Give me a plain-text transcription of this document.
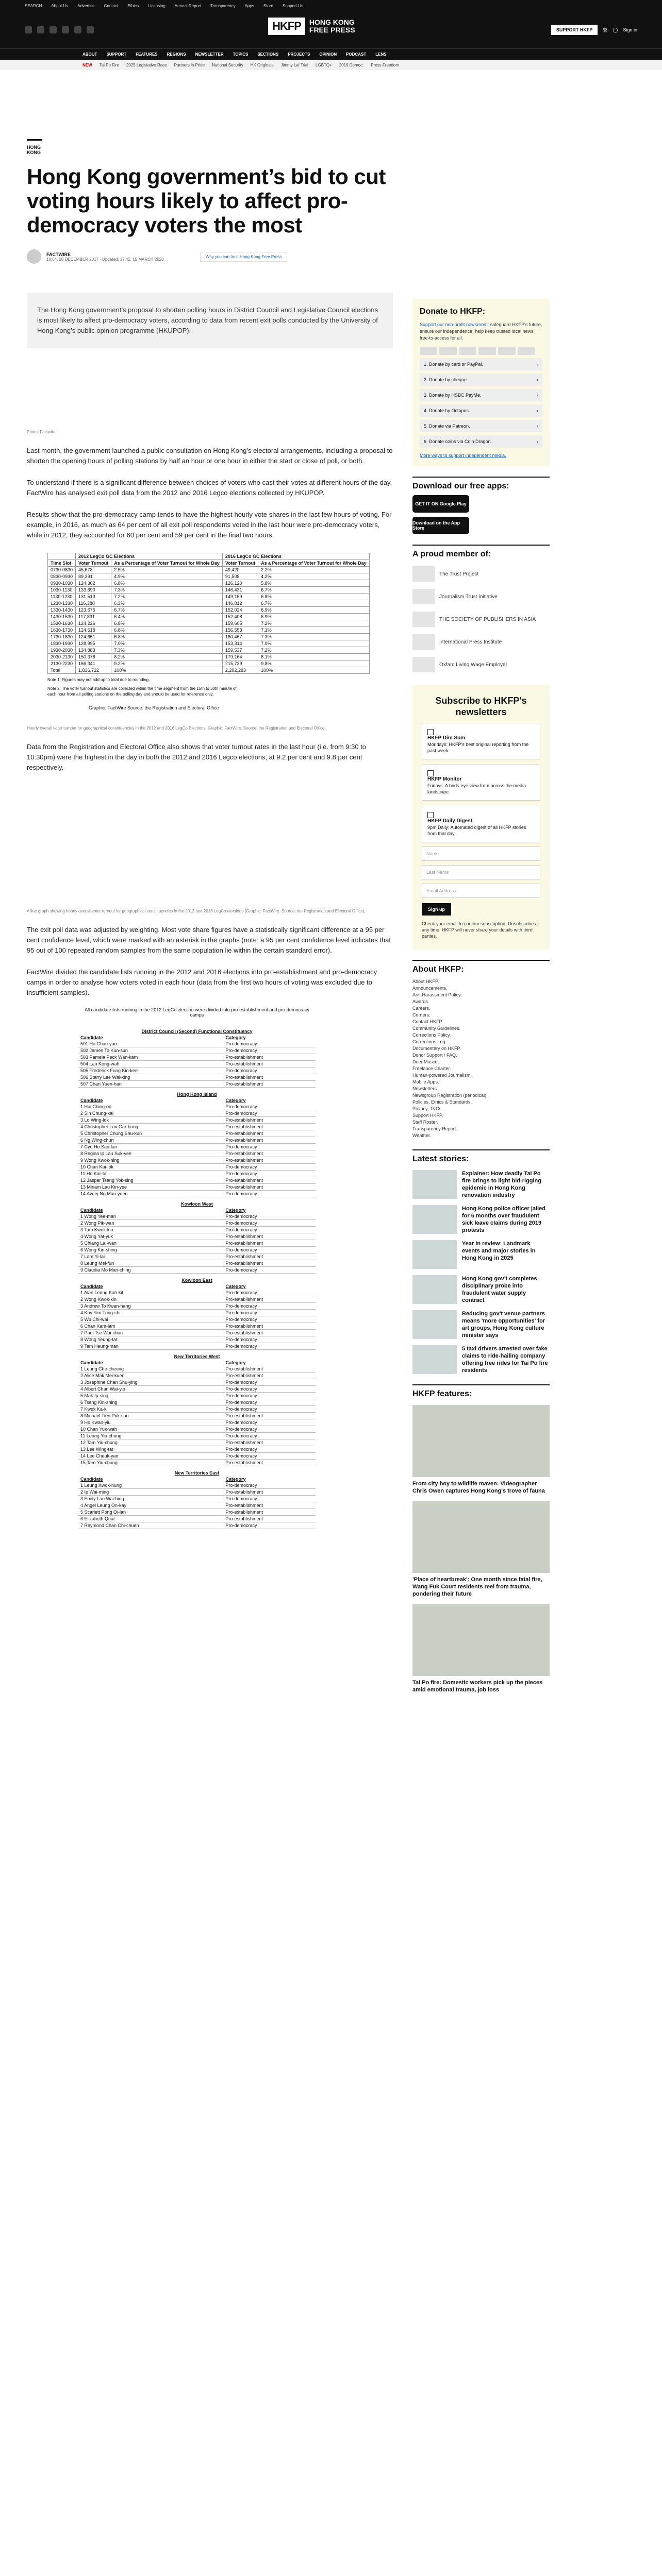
SEARCH About Us Advertise Contact Ethics Licensing Annual Report Transparency Apps Store Support Us
HKFP	HONG KONG
FREE PRESS	SUPPORT HKFP	繁 ◯ Sign in
ABOUT SUPPORT FEATURES REGIONS NEWSLETTER TOPICS SECTIONS PROJECTS OPINION PODCAST LENS
NEW Tai Po Fire 2025 Legislative Race Partners in Pride National Security HK Originals Jimmy Lai Trial LGBTQ+ 2019 Democ. Press Freedom
HONG KONG
Hong Kong government’s bid to cut voting hours likely to affect pro-democracy voters the most
FACTWIRE
10:54, 28 DECEMBER 2017 · Updated: 17:42, 15 MARCH 2020
Why you can trust Hong Kong Free Press
The Hong Kong government’s proposal to shorten polling hours in District Council and Legislative Council elections is most likely to affect pro-democracy voters, according to data from recent exit polls conducted by the University of Hong Kong’s public opinion programme (HKUPOP).
Photo: Factwire.

Last month, the government launched a public consultation on Hong Kong’s electoral arrangements, including a proposal to shorten the opening hours of polling stations by half an hour or one hour in either the start or close of poll, or both.

To understand if there is a significant difference between choices of voters who cast their votes at different hours of the day, FactWire has analysed exit poll data from the 2012 and 2016 Legco elections collected by HKUPOP.

Results show that the pro-democracy camp tends to have the highest hourly vote shares in the last few hours of voting. For example, in 2016, as much as 64 per cent of all exit poll respondents voted in the last hour were pro-democracy voters, while in 2012, they accounted for 60 per cent and 59 per cent in the final two hours.

	2012 LegCo GC Elections		2016 LegCo GC Elections	
Time Slot	Voter Turnout	As a Percentage of Voter Turnout for Whole Day	Voter Turnout	As a Percentage of Voter Turnout for Whole Day
0730-0830	45,678	2.5%	49,420	2.2%
0830-0930	89,391	4.9%	91,508	4.2%
0930-1030	124,362	6.8%	126,120	5.8%
1030-1130	133,690	7.3%	146,431	6.7%
1130-1230	131,513	7.2%	149,159	6.8%
1230-1330	116,388	6.3%	146,812	6.7%
1330-1430	123,675	6.7%	152,024	6.9%
1430-1530	117,831	6.4%	152,408	6.9%
1530-1630	124,226	6.8%	159,605	7.2%
1630-1730	124,618	6.8%	156,553	7.1%
1730-1830	124,651	6.8%	160,467	7.3%
1830-1930	128,995	7.0%	153,314	7.0%
1930-2030	134,883	7.3%	159,537	7.2%
2030-2130	150,378	8.2%	179,164	8.1%
2130-2230	166,341	9.2%	215,739	9.8%
Total	1,836,722	100%	2,202,283	100%
Note 1: Figures may not add up to total due to rounding.
Note 2: The voter turnout statistics are collected within the time segment from the 15th to 30th minute of each hour from all polling stations on the polling day and should be used for reference only.
Graphic: FactWire Source: the Registration and Electoral Office
Hourly overall voter turnout for geographical constituencies in the 2012 and 2016 LegCo Elections. Graphic: FactWire. Source: the Registration and Electoral Office.

Data from the Registration and Electoral Office also shows that voter turnout rates in the last hour (i.e. from 9:30 to 10:30pm) were the highest in the day in both the 2012 and 2016 Legco elections, at 9.2 per cent and 9.8 per cent respectively.

A line graph showing hourly overall voter turnout for geographical constituencies in the 2012 and 2016 LegCo elections (Graphic: FactWire. Source: the Registration and Electoral Office).

The exit poll data was adjusted by weighting. Most vote share figures have a statistically significant difference at a 95 per cent confidence level, which were marked with an asterisk in the graphs (note: a 95 per cent confidence level indicates that 95 out of 100 repeated random samples from the same population lie within the certain standard error).

FactWire divided the candidate lists running in the 2012 and 2016 elections into pro-establishment and pro-democracy camps in order to analyse how voters voted in each hour (data from the first two hours of voting was excluded due to insufficient samples).

All candidate lists running in the 2012 LegCo election were divided into pro-establishment and pro-democracy camps
District Council (Second) Functional Constituency	
Candidate	Category
501 Ho Chun-yan	Pro-democracy
502 James To Kun-sun	Pro-democracy
503 Pamela Peck Wan-kam	Pro-establishment
504 Lau Kong-wah	Pro-establishment
505 Frederick Fung Kin-kee	Pro-democracy
506 Starry Lee Wai-king	Pro-establishment
507 Chan Yuen-han	Pro-establishment
Hong Kong Island	
Candidate	Category
1 Hui Ching-on	Pro-democracy
2 Sin Chung-kai	Pro-democracy
3 Lo Wing-lok	Pro-establishment
4 Christopher Lau Gar-hung	Pro-establishment
5 Christopher Chung Shu-kun	Pro-establishment
6 Ng Wing-chun	Pro-establishment
7 Cyd Ho Sau-lan	Pro-democracy
8 Regina Ip Lau Suk-yee	Pro-establishment
9 Wong Kwok-hing	Pro-establishment
10 Chan Kai-lok	Pro-democracy
11 Ho Kar-tai	Pro-democracy
12 Jasper Tsang Yok-sing	Pro-establishment
13 Miriam Lau Kin-yee	Pro-establishment
14 Avery Ng Man-yuen	Pro-democracy
Kowloon West	
Candidate	Category
1 Wong Yee-man	Pro-democracy
2 Wong Pik-wan	Pro-democracy
3 Tam Kwok-kiu	Pro-democracy
4 Wong Yat-yuk	Pro-establishment
5 Chiang Lai-wan	Pro-establishment
6 Wong Kin-shing	Pro-democracy
7 Lam Yi-lai	Pro-establishment
8 Leung Mei-fun	Pro-establishment
9 Claudia Mo Man-ching	Pro-democracy
Kowloon East	
Candidate	Category
1 Alan Leong Kah-kit	Pro-democracy
2 Wong Kwok-kin	Pro-establishment
3 Andrew To Kwan-hang	Pro-democracy
4 Kay Yim Tung-chi	Pro-democracy
5 Wu Chi-wai	Pro-democracy
6 Chan Kam-lam	Pro-establishment
7 Paul Tse Wai-chun	Pro-establishment
8 Wong Yeung-tat	Pro-democracy
9 Tam Heung-man	Pro-democracy
New Territories West	
Candidate	Category
1 Leung Che-cheung	Pro-establishment
2 Alice Mak Mei-kuen	Pro-establishment
3 Josephine Chan Shu-ying	Pro-democracy
4 Albert Chan Wai-yip	Pro-democracy
5 Mak Ip-sing	Pro-democracy
6 Tsang Kin-shing	Pro-democracy
7 Kwok Ka-ki	Pro-democracy
8 Michael Tien Puk-sun	Pro-establishment
9 Ho Kwan-yiu	Pro-democracy
10 Chan Yuk-wah	Pro-democracy
11 Leung Yiu-chung	Pro-democracy
12 Tam Yiu-chung	Pro-establishment
13 Lee Wing-tat	Pro-democracy
14 Lee Cheuk-yan	Pro-democracy
15 Tam Yiu-chung	Pro-establishment
New Territories East	
Candidate	Category
1 Leung Kwok-hung	Pro-democracy
2 Ip Wai-ming	Pro-establishment
3 Emily Lau Wai-hing	Pro-democracy
4 Angel Leung On-kay	Pro-establishment
5 Scarlett Pong Oi-lan	Pro-establishment
6 Elizabeth Quat	Pro-establishment
7 Raymond Chan Chi-chuen	Pro-democracy
Donate to HKFP:

Support our non-profit newsroom: safeguard HKFP's future, ensure our independence, help keep trusted local news free-to-access for all.

1. Donate by card or PayPal.	›
2. Donate by cheque.	›
3. Donate by HSBC PayMe.	›
4. Donate by Octopus.	›
5. Donate via Patreon.	›
6. Donate coins via Coin Dragon.	›
More ways to support independent media.
Download our free apps:
GET IT ON Google Play
Download on the App Store
A proud member of:
The Trust Project
Journalism Trust Initiative
THE SOCIETY OF PUBLISHERS IN ASIA
International Press Institute
Oxfam Living Wage Employer
Subscribe to HKFP's newsletters
HKFP Dim Sum
Mondays: HKFP's best original reporting from the past week.
HKFP Monitor
Fridays: A birds-eye view from across the media landscape.
HKFP Daily Digest
9pm Daily: Automated digest of all HKFP stories from that day.
Name
Last Name
Email Address
Sign up
Check your email to confirm subscription. Unsubscribe at any time. HKFP will never share your details with third parties.
About HKFP:
About HKFP.
Announcements.
Anti-Harassment Policy.
Awards.
Careers.
Corners.
Contact HKFP.
Community Guidelines.
Corrections Policy.
Corrections Log.
Documentary on HKFP.
Donor Support / FAQ.
Deer Mascot.
Freelance Charter.
Human-powered Journalism.
Mobile Apps.
Newsletters.
Newsgroup Registration (periodical).
Policies, Ethics & Standards.
Privacy, T&Cs.
Support HKFP.
Staff Roster.
Transparency Report.
Weather.
Latest stories:
Explainer: How deadly Tai Po fire brings to light bid-rigging epidemic in Hong Kong renovation industry
Hong Kong police officer jailed for 6 months over fraudulent sick leave claims during 2019 protests
Year in review: Landmark events and major stories in Hong Kong in 2025
Hong Kong gov't completes disciplinary probe into fraudulent water supply contract
Reducing gov't venue partners means 'more opportunities' for art groups, Hong Kong culture minister says
5 taxi drivers arrested over fake claims to ride-hailing company offering free rides for Tai Po fire residents
HKFP features:
From city boy to wildlife maven: Videographer Chris Owen captures Hong Kong's trove of fauna
'Place of heartbreak': One month since fatal fire, Wang Fuk Court residents reel from trauma, pondering their future
Tai Po fire: Domestic workers pick up the pieces amid emotional trauma, job loss
